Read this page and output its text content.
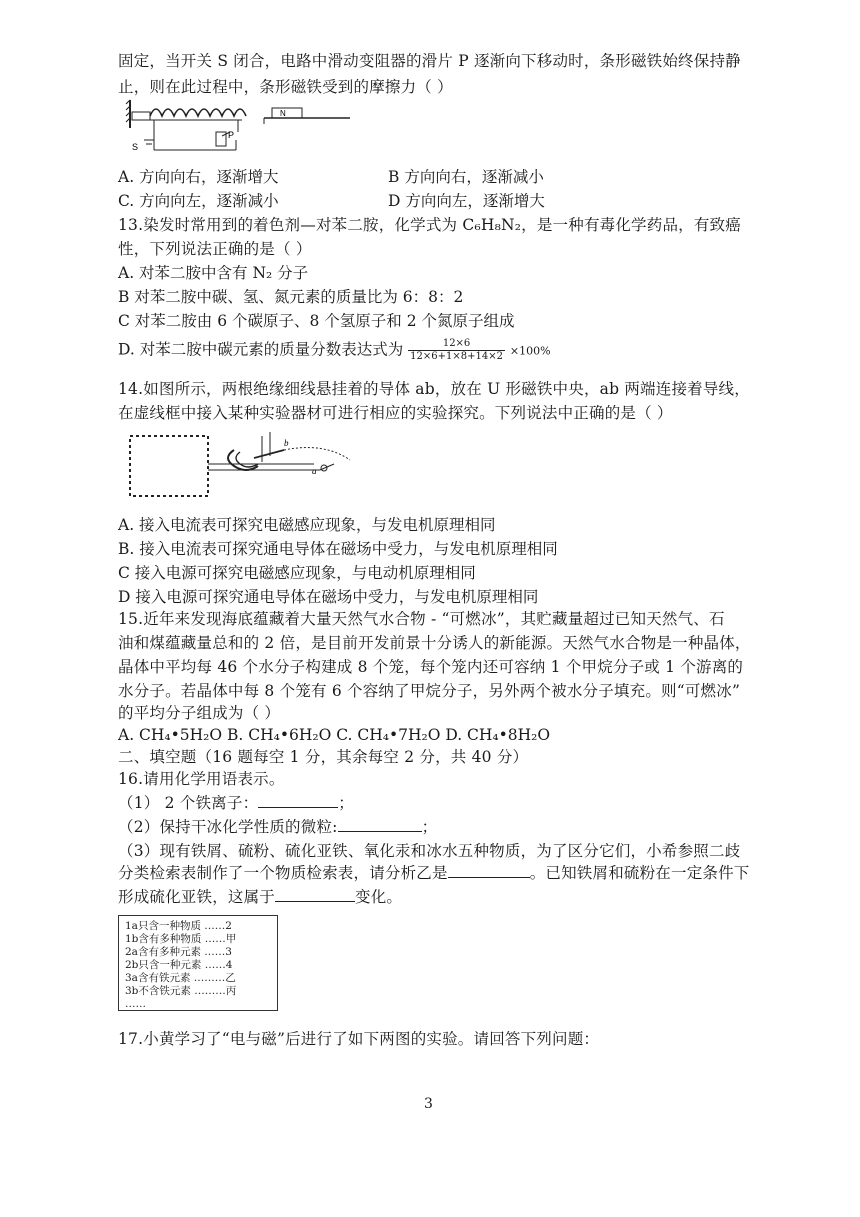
固定，当开关 S 闭合，电路中滑动变阻器的滑片 P 逐渐向下移动时，条形磁铁始终保持静
止，则在此过程中，条形磁铁受到的摩擦力（ ）
S
P
N
A. 方向向右，逐渐增大	B 方向向右，逐渐减小
C. 方向向左，逐渐减小	D 方向向左，逐渐增大
13.染发时常用到的着色剂—对苯二胺，化学式为 C₆H₈N₂，是一种有毒化学药品，有致癌
性，下列说法正确的是（ ）
A. 对苯二胺中含有 N₂ 分子
B 对苯二胺中碳、氢、氮元素的质量比为 6：8：2
C 对苯二胺由 6 个碳原子、8 个氢原子和 2 个氮原子组成
D. 对苯二胺中碳元素的质量分数表达式为 $\frac{12\times 6}{12\times 6+1\times 8+14\times 2} \times 100\%$
14.如图所示，两根绝缘细线悬挂着的导体 ab，放在 U 形磁铁中央，ab 两端连接着导线，
在虚线框中接入某种实验器材可进行相应的实验探究。下列说法中正确的是（ ）
b
a
A. 接入电流表可探究电磁感应现象，与发电机原理相同
B. 接入电流表可探究通电导体在磁场中受力，与发电机原理相同
C 接入电源可探究电磁感应现象，与电动机原理相同
D 接入电源可探究通电导体在磁场中受力，与发电机原理相同
15.近年来发现海底蕴藏着大量天然气水合物 - “可燃冰”，其贮藏量超过已知天然气、石
油和煤蕴藏量总和的 2 倍，是目前开发前景十分诱人的新能源。天然气水合物是一种晶体，
晶体中平均每 46 个水分子构建成 8 个笼，每个笼内还可容纳 1 个甲烷分子或 1 个游离的
水分子。若晶体中每 8 个笼有 6 个容纳了甲烷分子，另外两个被水分子填充。则“可燃冰”
的平均分子组成为（ ）
A. CH₄•5H₂O B. CH₄•6H₂O C. CH₄•7H₂O D. CH₄•8H₂O
二、填空题（16 题每空 1 分，其余每空 2 分，共 40 分）
16.请用化学用语表示。
（1） 2 个铁离子：	；
（2）保持干冰化学性质的微粒:	；
（3）现有铁屑、硫粉、硫化亚铁、氧化汞和冰水五种物质，为了区分它们，小希参照二歧
分类检索表制作了一个物质检索表，请分析乙是	。已知铁屑和硫粉在一定条件下
形成硫化亚铁，这属于	变化。
1a只含一种物质 ……2
1b含有多种物质 ……甲
2a含有多种元素 ……3
2b只含一种元素 ……4
3a含有铁元素 ………乙
3b不含铁元素 ………丙
……
17.小黄学习了“电与磁”后进行了如下两图的实验。请回答下列问题：
3
